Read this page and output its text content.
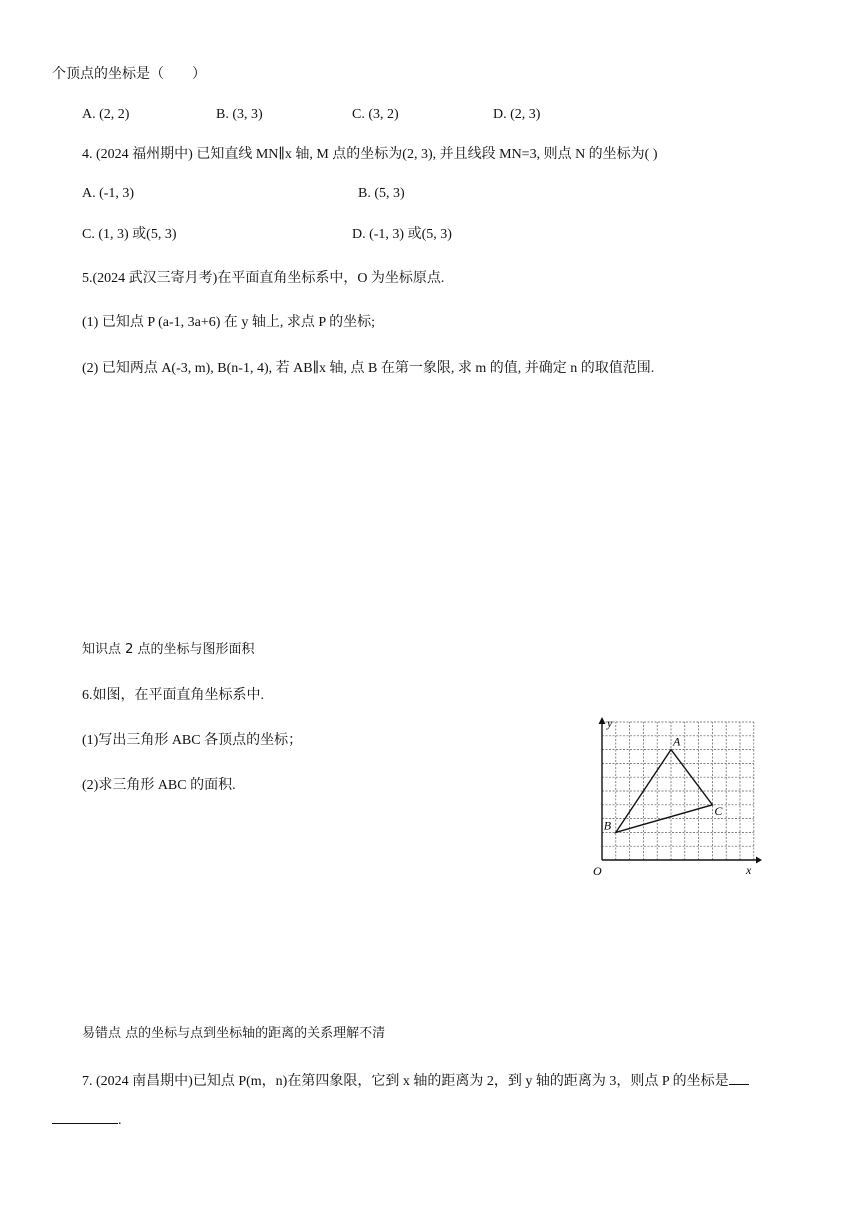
个顶点的坐标是（　　）
A. (2, 2)	B. (3, 3)	C. (3, 2)	D. (2, 3)
4. (2024 福州期中) 已知直线 MN∥x 轴, M 点的坐标为(2, 3), 并且线段 MN=3, 则点 N 的坐标为( )
A. (-1, 3)	B. (5, 3)
C. (1, 3) 或(5, 3)	D. (-1, 3) 或(5, 3)
5.(2024 武汉三寄月考)在平面直角坐标系中，O 为坐标原点.
(1) 已知点 P (a-1, 3a+6) 在 y 轴上, 求点 P 的坐标;
(2) 已知两点 A(-3, m), B(n-1, 4), 若 AB∥x 轴, 点 B 在第一象限, 求 m 的值, 并确定 n 的取值范围.
知识点 2 点的坐标与图形面积
6.如图，在平面直角坐标系中.
(1)写出三角形 ABC 各顶点的坐标；
(2)求三角形 ABC 的面积.
x
y
O
A
B
C
易错点 点的坐标与点到坐标轴的距离的关系理解不清
7. (2024 南昌期中)已知点 P(m，n)在第四象限，它到 x 轴的距离为 2，到 y 轴的距离为 3，则点 P 的坐标是
.
